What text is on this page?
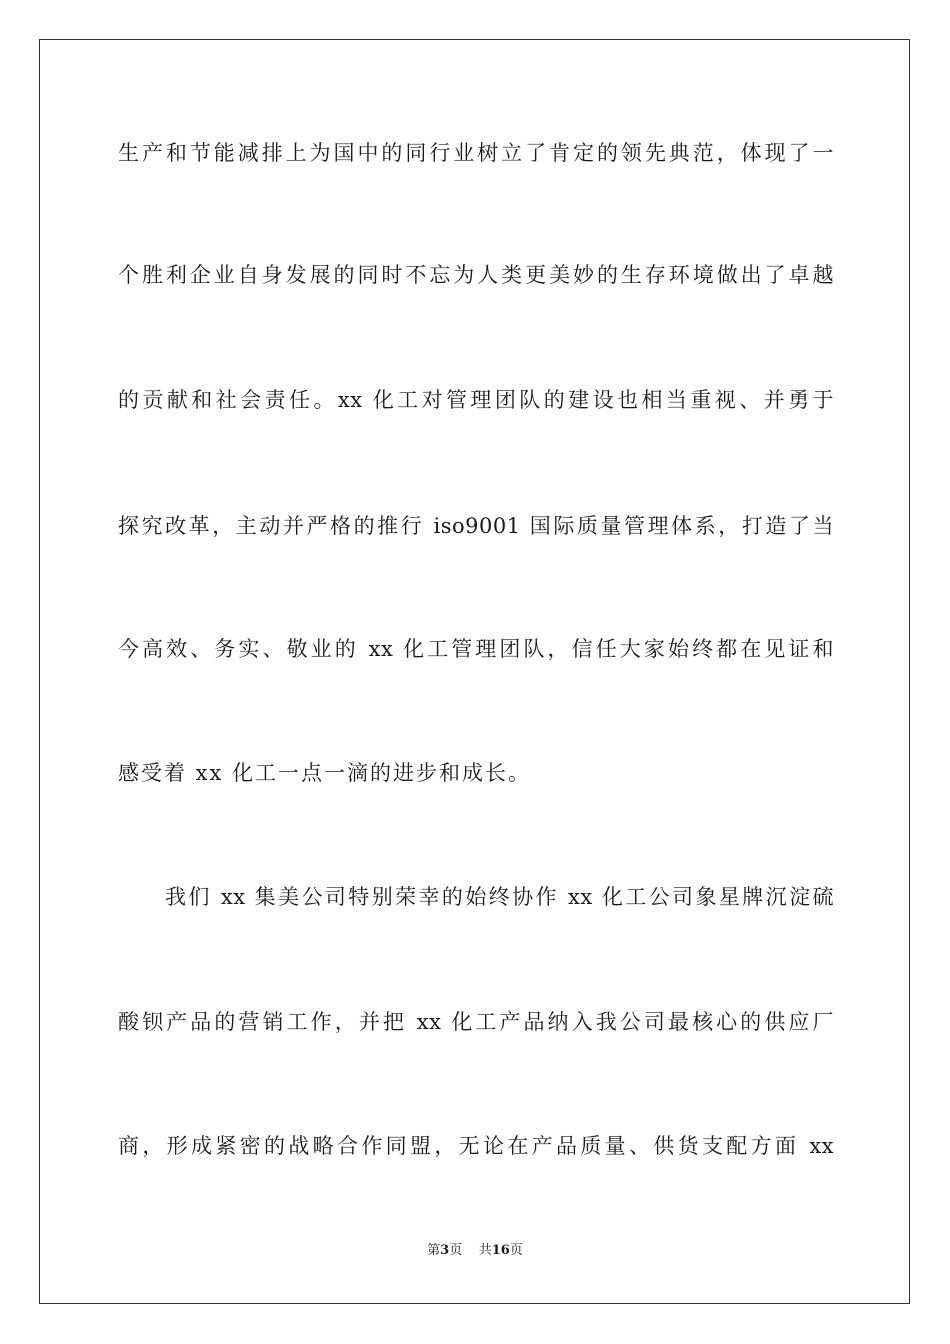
生产和节能减排上为国中的同行业树立了肯定的领先典范，体现了一
个胜利企业自身发展的同时不忘为人类更美妙的生存环境做出了卓越
的贡献和社会责任。xx 化工对管理团队的建设也相当重视、并勇于
探究改革，主动并严格的推行 iso9001 国际质量管理体系，打造了当
今高效、务实、敬业的 xx 化工管理团队，信任大家始终都在见证和
感受着 xx 化工一点一滴的进步和成长。
我们 xx 集美公司特别荣幸的始终协作 xx 化工公司象星牌沉淀硫
酸钡产品的营销工作，并把 xx 化工产品纳入我公司最核心的供应厂
商，形成紧密的战略合作同盟，无论在产品质量、供货支配方面 xx
第3页 共16页
